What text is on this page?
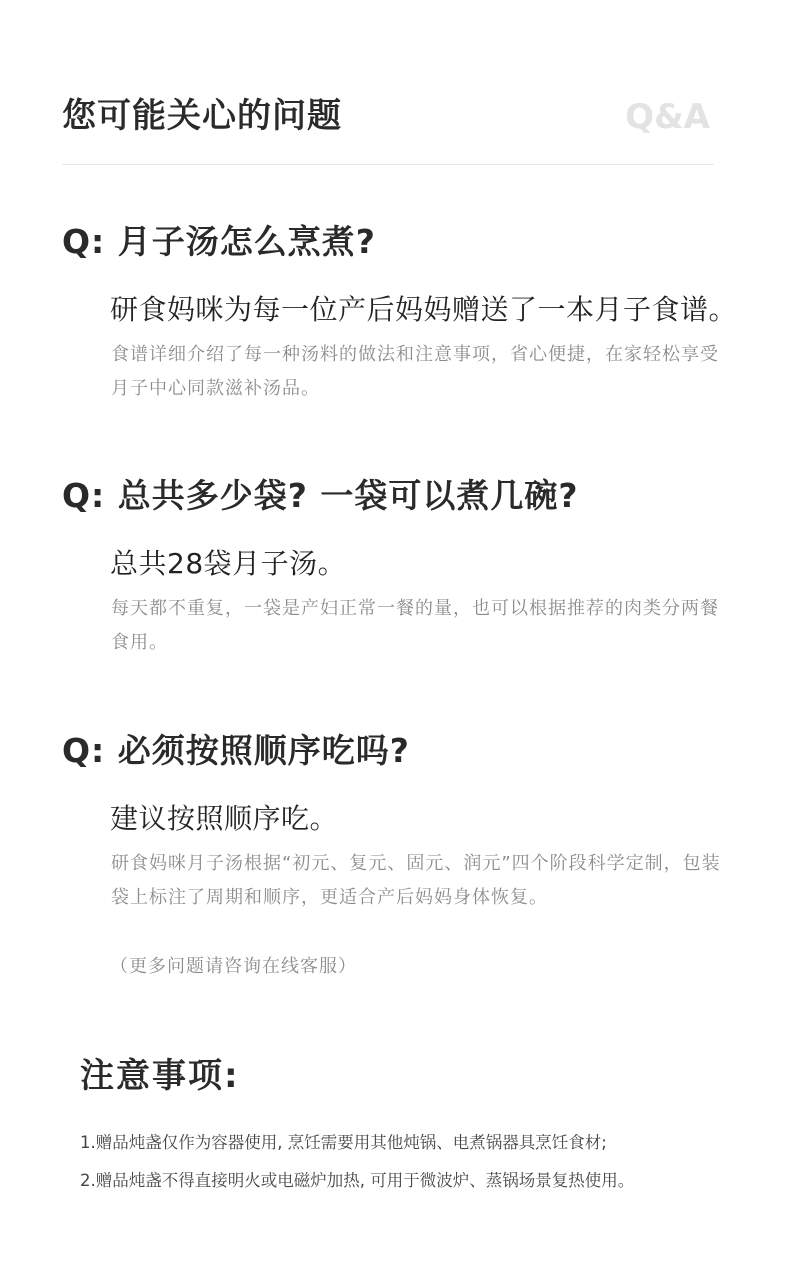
您可能关心的问题	Q&A
Q: 月子汤怎么烹煮?
研食妈咪为每一位产后妈妈赠送了一本月子食谱。
食谱详细介绍了每一种汤料的做法和注意事项，省心便捷，在家轻松享受月子中心同款滋补汤品。
Q: 总共多少袋? 一袋可以煮几碗?
总共28袋月子汤。
每天都不重复，一袋是产妇正常一餐的量，也可以根据推荐的肉类分两餐食用。
Q: 必须按照顺序吃吗?
建议按照顺序吃。
研食妈咪月子汤根据“初元、复元、固元、润元”四个阶段科学定制，包装袋上标注了周期和顺序，更适合产后妈妈身体恢复。
（更多问题请咨询在线客服）
注意事项:
1.赠品炖盏仅作为容器使用, 烹饪需要用其他炖锅、电煮锅器具烹饪食材;
2.赠品炖盏不得直接明火或电磁炉加热, 可用于微波炉、蒸锅场景复热使用。
